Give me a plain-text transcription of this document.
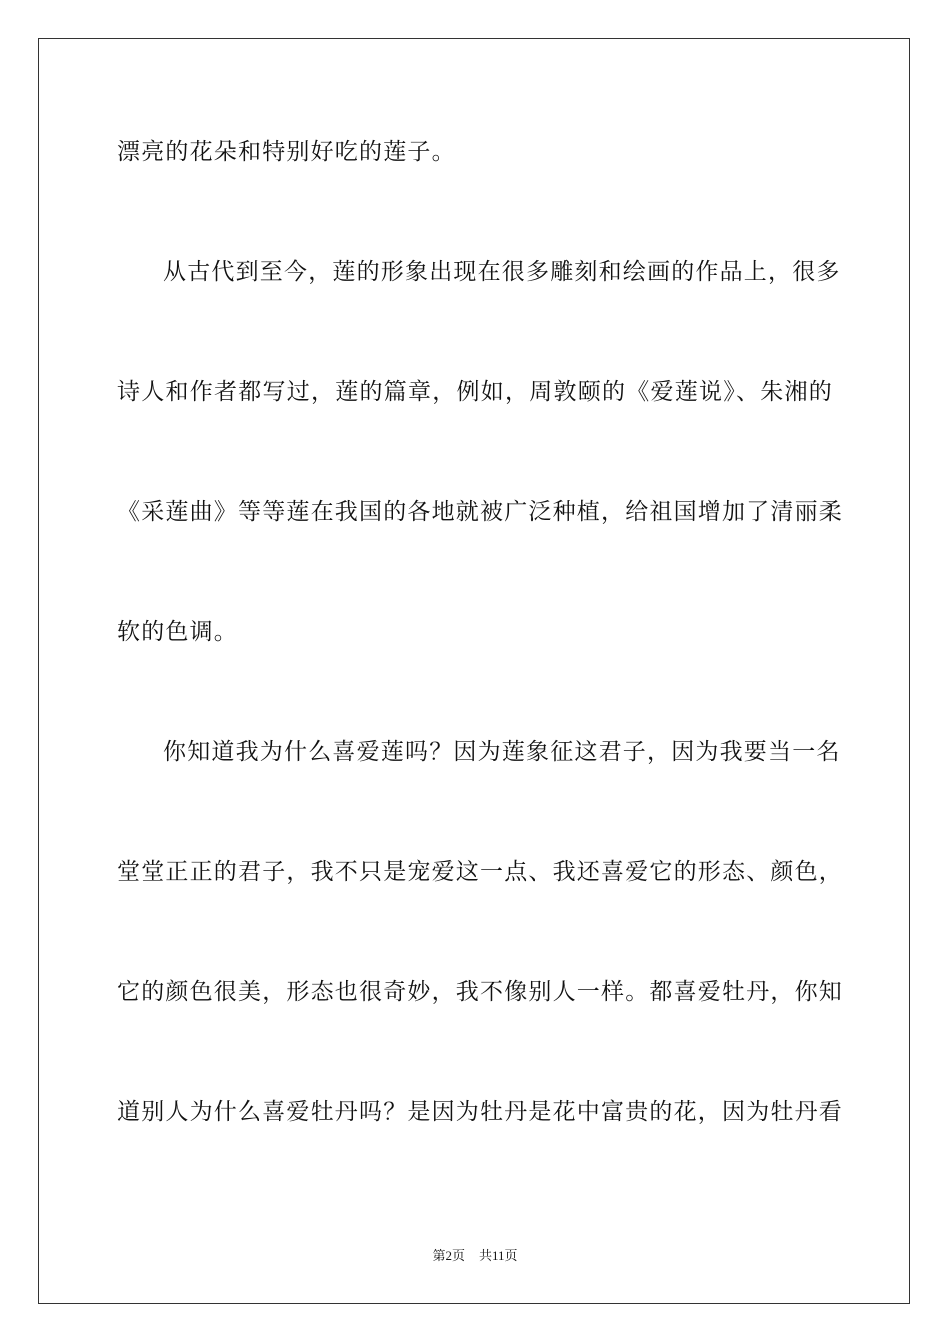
漂亮的花朵和特别好吃的莲子。
从古代到至今，莲的形象出现在很多雕刻和绘画的作品上，很多
诗人和作者都写过，莲的篇章，例如，周敦颐的《爱莲说》、朱湘的
《采莲曲》等等莲在我国的各地就被广泛种植，给祖国增加了清丽柔
软的色调。
你知道我为什么喜爱莲吗？因为莲象征这君子，因为我要当一名
堂堂正正的君子，我不只是宠爱这一点、我还喜爱它的形态、颜色，
它的颜色很美，形态也很奇妙，我不像别人一样。都喜爱牡丹，你知
道别人为什么喜爱牡丹吗？是因为牡丹是花中富贵的花，因为牡丹看
第2页 共11页
